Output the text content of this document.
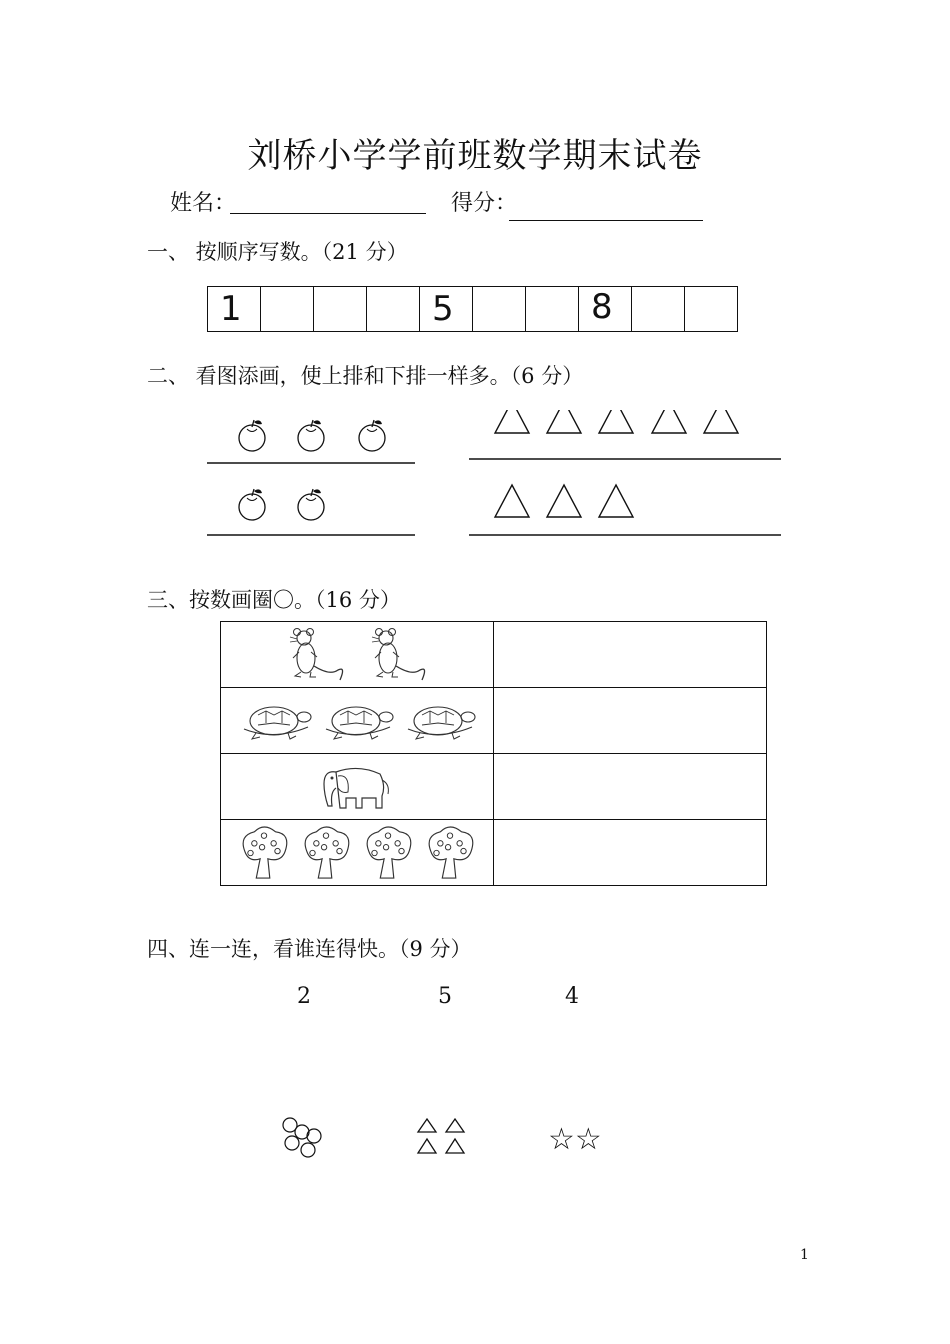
刘桥小学学前班数学期末试卷
姓名：	得分：
一、 按顺序写数。（21 分）
1				5			8		
二、 看图添画，使上排和下排一样多。（6 分）
三、按数画圈〇。（16 分）

四、连一连，看谁连得快。（9 分）
2	5	4
☆☆
1
